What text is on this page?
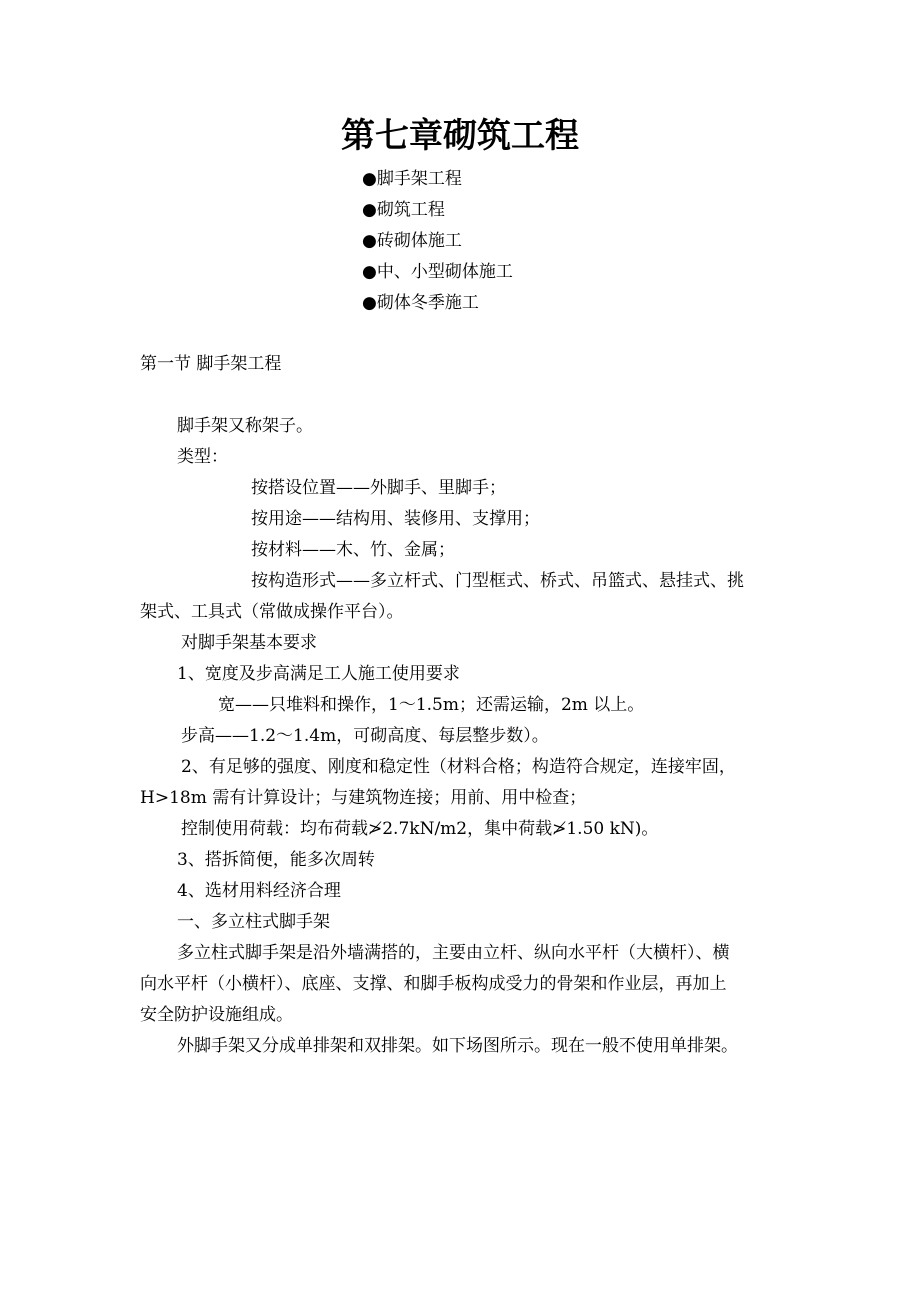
第七章砌筑工程
●脚手架工程
●砌筑工程
●砖砌体施工
●中、小型砌体施工
●砌体冬季施工

第一节 脚手架工程

脚手架又称架子。

类型：

按搭设位置——外脚手、里脚手；

按用途——结构用、装修用、支撑用；

按材料——木、竹、金属；

按构造形式——多立杆式、门型框式、桥式、吊篮式、悬挂式、挑

架式、工具式（常做成操作平台）。

对脚手架基本要求

1、宽度及步高满足工人施工使用要求

宽——只堆料和操作，1～1.5m；还需运输，2m 以上。

步高——1.2～1.4m，可砌高度、每层整步数）。

2、有足够的强度、刚度和稳定性（材料合格；构造符合规定，连接牢固，

H>18m 需有计算设计；与建筑物连接；用前、用中检查；

控制使用荷载：均布荷载≯2.7kN/m2，集中荷载≯1.50 kN)。

3、搭拆简便，能多次周转

4、选材用料经济合理

一、多立柱式脚手架

多立柱式脚手架是沿外墙满搭的，主要由立杆、纵向水平杆（大横杆）、横

向水平杆（小横杆）、底座、支撑、和脚手板构成受力的骨架和作业层，再加上

安全防护设施组成。

外脚手架又分成单排架和双排架。如下场图所示。现在一般不使用单排架。
